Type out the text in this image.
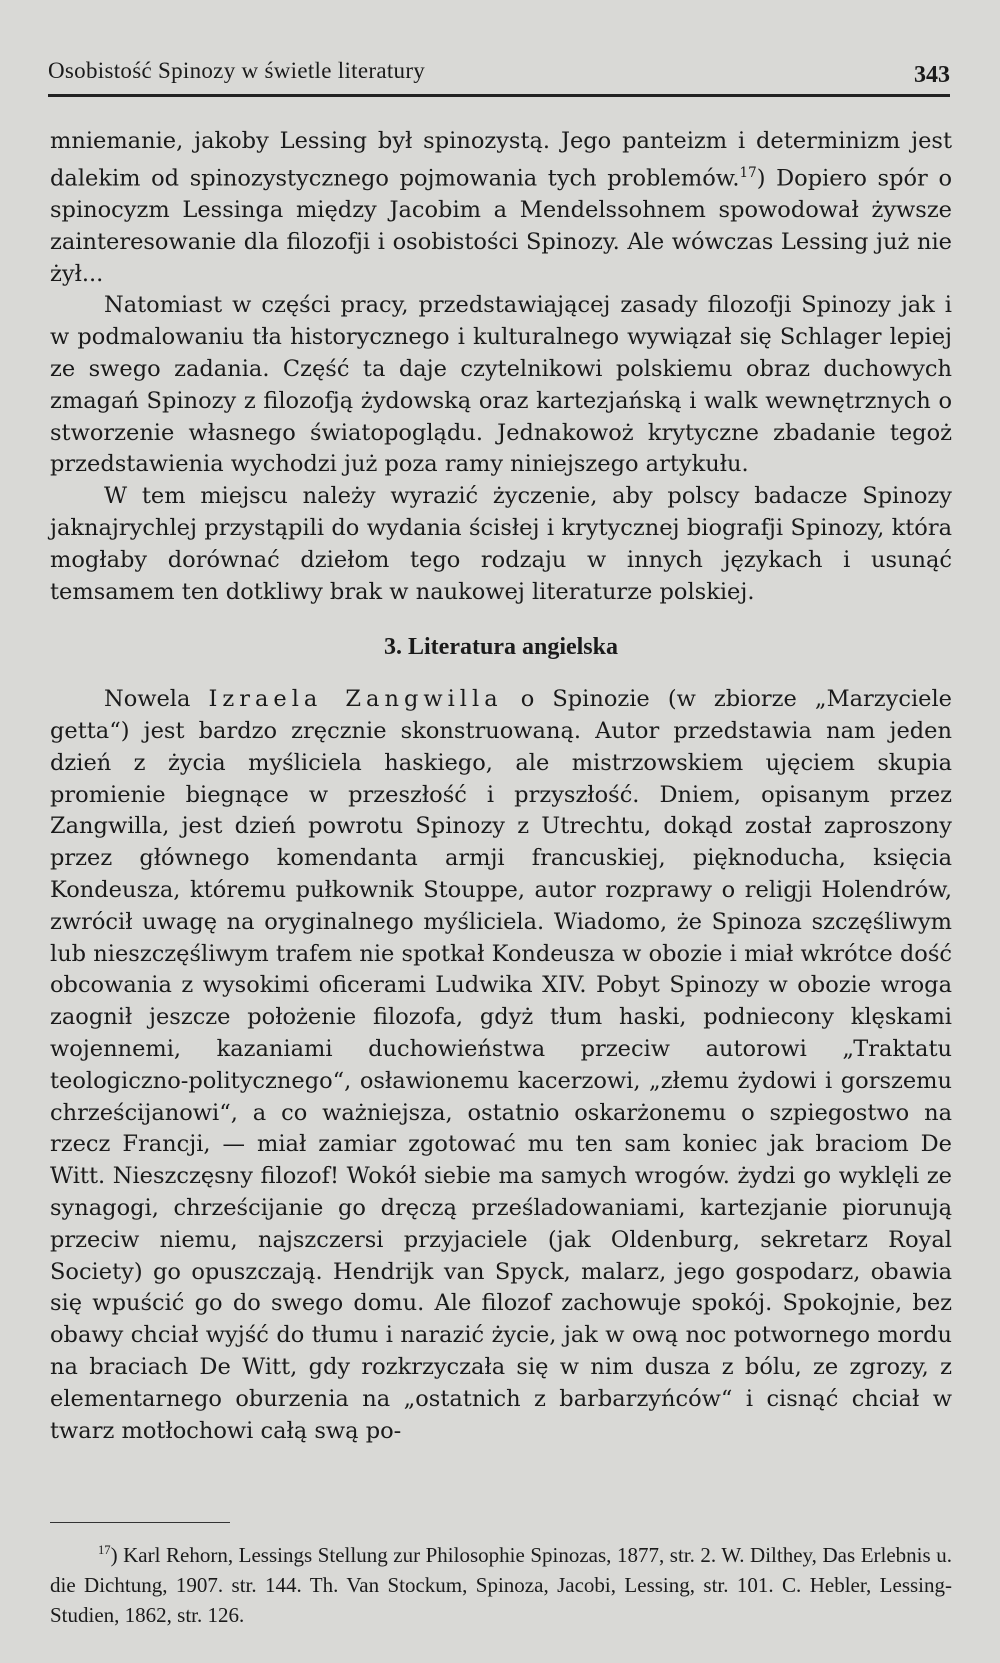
Osobistość Spinozy w świetle literatury	343

mniemanie, jakoby Lessing był spinozystą. Jego panteizm i determinizm jest dalekim od spinozystycznego pojmowania tych problemów.$^{17}$) Dopiero spór o spinocyzm Lessinga między Jacobim a Mendelssohnem spowodował żywsze zainteresowanie dla filozofji i osobistości Spinozy. Ale wówczas Lessing już nie żył...

Natomiast w części pracy, przedstawiającej zasady filozofji Spinozy jak i w podmalowaniu tła historycznego i kulturalnego wywiązał się Schlager lepiej ze swego zadania. Część ta daje czytelnikowi polskiemu obraz duchowych zmagań Spinozy z filozofją żydowską oraz kartezjańską i walk wewnętrznych o stworzenie własnego światopoglądu. Jednakowoż krytyczne zbadanie tegoż przedstawienia wychodzi już poza ramy niniejszego artykułu.

W tem miejscu należy wyrazić życzenie, aby polscy badacze Spinozy jaknajrychlej przystąpili do wydania ścisłej i krytycznej biografji Spinozy, która mogłaby dorównać dziełom tego rodzaju w innych językach i usunąć temsamem ten dotkliwy brak w naukowej literaturze polskiej.

3. Literatura angielska

Nowela Izraela Zangwilla o Spinozie (w zbiorze „Marzyciele getta“) jest bardzo zręcznie skonstruowaną. Autor przedstawia nam jeden dzień z życia myśliciela haskiego, ale mistrzowskiem ujęciem skupia promienie biegnące w przeszłość i przyszłość. Dniem, opisanym przez Zangwilla, jest dzień powrotu Spinozy z Utrechtu, dokąd został zaproszony przez głównego komendanta armji francuskiej, pięknoducha, księcia Kondeusza, któremu pułkownik Stouppe, autor rozprawy o religji Holendrów, zwrócił uwagę na oryginalnego myśliciela. Wiadomo, że Spinoza szczęśliwym lub nieszczęśliwym trafem nie spotkał Kondeusza w obozie i miał wkrótce dość obcowania z wysokimi oficerami Ludwika XIV. Pobyt Spinozy w obozie wroga zaognił jeszcze położenie filozofa, gdyż tłum haski, podniecony klęskami wojennemi, kazaniami duchowieństwa przeciw autorowi „Traktatu teologiczno-politycznego“, osławionemu kacerzowi, „złemu żydowi i gorszemu chrześcijanowi“, a co ważniejsza, ostatnio oskarżonemu o szpiegostwo na rzecz Francji, — miał zamiar zgotować mu ten sam koniec jak braciom De Witt. Nieszczęsny filozof! Wokół siebie ma samych wrogów. żydzi go wyklęli ze synagogi, chrześcijanie go dręczą prześladowaniami, kartezjanie piorunują przeciw niemu, najszczersi przyjaciele (jak Oldenburg, sekretarz Royal Society) go opuszczają. Hendrijk van Spyck, malarz, jego gospodarz, obawia się wpuścić go do swego domu. Ale filozof zachowuje spokój. Spokojnie, bez obawy chciał wyjść do tłumu i narazić życie, jak w ową noc potwornego mordu na braciach De Witt, gdy rozkrzyczała się w nim dusza z bólu, ze zgrozy, z elementarnego oburzenia na „ostatnich z barbarzyńców“ i cisnąć chciał w twarz motłochowi całą swą po-

$^{17}$) Karl Rehorn, Lessings Stellung zur Philosophie Spinozas, 1877, str. 2. W. Dilthey, Das Erlebnis u. die Dichtung, 1907. str. 144. Th. Van Stockum, Spinoza, Jacobi, Lessing, str. 101. C. Hebler, Lessing-Studien, 1862, str. 126.
